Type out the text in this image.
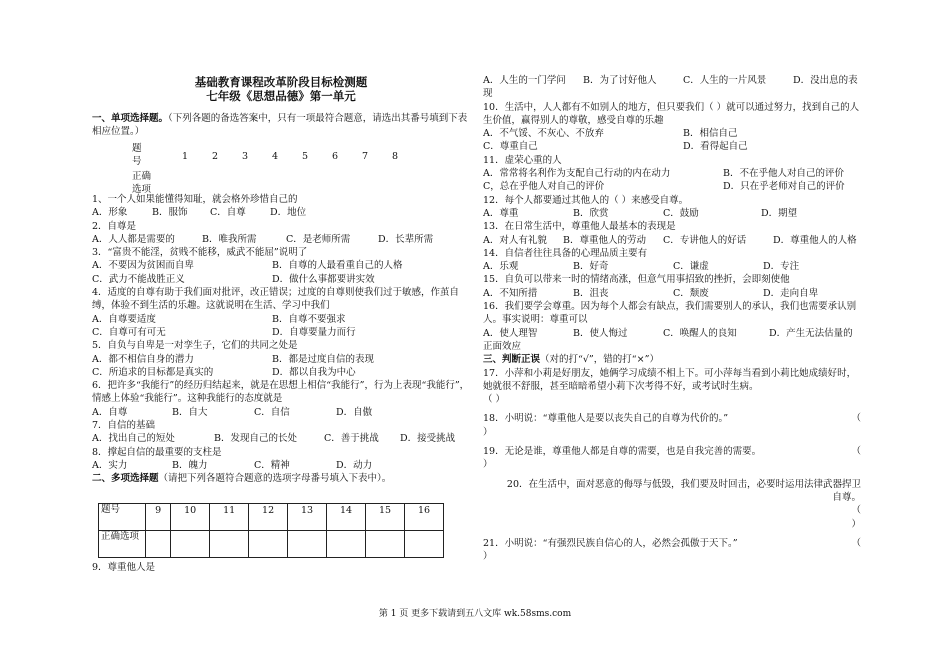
基础教育课程改革阶段目标检测题
七年级《思想品德》第一单元
一、单项选择题。（下列各题的备选答案中，只有一项最符合题意，请选出其番号填到下表相应位置。）
题号	1	2	3	4	5	6	7	8
正确选项
1、一个人如果能懂得知耻，就会格外珍惜自己的
A．形象	B．服饰	C．自尊	D．地位
2．自尊是
A．人人都是需要的	B．唯我所需	C．是老师所需	D．长辈所需
3．“富贵不能淫，贫贱不能移，威武不能屈”说明了
A．不要因为贫困而自卑	B．自尊的人最看重自己的人格
C．武力不能战胜正义	D．做什么事都要讲实效
4．适度的自尊有助于我们面对批评，改正错误；过度的自尊则使我们过于敏感，作茧自缚，体验不到生活的乐趣。这就说明在生活、学习中我们
A．自尊要适度	B．自尊不要强求
C．自尊可有可无	D．自尊要量力而行
5．自负与自卑是一对孪生子，它们的共同之处是
A．都不相信自身的潜力	B．都是过度自信的表现
C．所追求的目标都是真实的	D．都以自我为中心
6．把许多“我能行”的经历归结起来，就是在思想上相信“我能行”，行为上表现“我能行”，情感上体验“我能行”。这种我能行的态度就是
A．自尊	B．自大	C．自信	D．自傲
7．自信的基础
A．找出自己的短处	B．发现自己的长处	C．善于挑战 D．接受挑战
8．撑起自信的最重要的支柱是
A．实力	B．魄力	C．精神	D．动力
二、多项选择题（请把下列各题符合题意的选项字母番号填入下表中）。
题号	9	10	11	12	13	14	15	16
正确选项								
9．尊重他人是
A．人生的一门学问 B．为了讨好他人	C．人生的一片风景	D．没出息的表现
10．生活中，人人都有不如别人的地方，但只要我们（ ）就可以通过努力，找到自己的人生价值，赢得别人的尊敬，感受自尊的乐趣
A．不气馁、不灰心、不放弃	B．相信自己
C．尊重自己	D．看得起自己
11．虚荣心重的人
A．常常将名利作为支配自己行动的内在动力	B．不在乎他人对自己的评价
C，总在乎他人对自己的评价	D．只在乎老师对自己的评价
12．每个人都要通过其他人的（ ）来感受自尊。
A．尊重	B．欣赏	C．鼓励	D．期望
13．在日常生活中，尊重他人最基本的表现是
A．对人有礼貌 B．尊重他人的劳动 C．专讲他人的好话	D．尊重他人的人格
14．自信者往往具备的心理品质主要有
A．乐观	B．好奇	C．谦虚	D．专注
15．自负可以带来一时的情绪高涨，但意气用事招致的挫折，会即刻使他
A．不知所措	B．沮丧	C．颓废	D．走向自卑
16．我们要学会尊重。因为每个人都会有缺点，我们需要别人的承认，我们也需要承认别人。事实说明：尊重可以
A．使人理智	B．使人悔过	C．唤醒人的良知	D．产生无法估量的正面效应
三、判断正误（对的打“√”，错的打“×”）
17．小萍和小莉是好朋友，她俩学习成绩不相上下。可小萍每当看到小莉比她成绩好时，她就很不舒服，甚至暗暗希望小莉下次考得不好，或考试时生病。
（ ）
18．小明说：“尊重他人是要以丧失自己的自尊为代价的。”	（
）
19．无论是谁，尊重他人都是自尊的需要，也是自我完善的需要。	（
）
20．在生活中，面对恶意的侮辱与低毁，我们要及时回击，必要时运用法律武器捍卫自尊。
（
）
21．小明说：“有强烈民族自信心的人，必然会孤傲于天下。”	（
）
第 1 页 更多下载请到五八文库 wk.58sms.com
